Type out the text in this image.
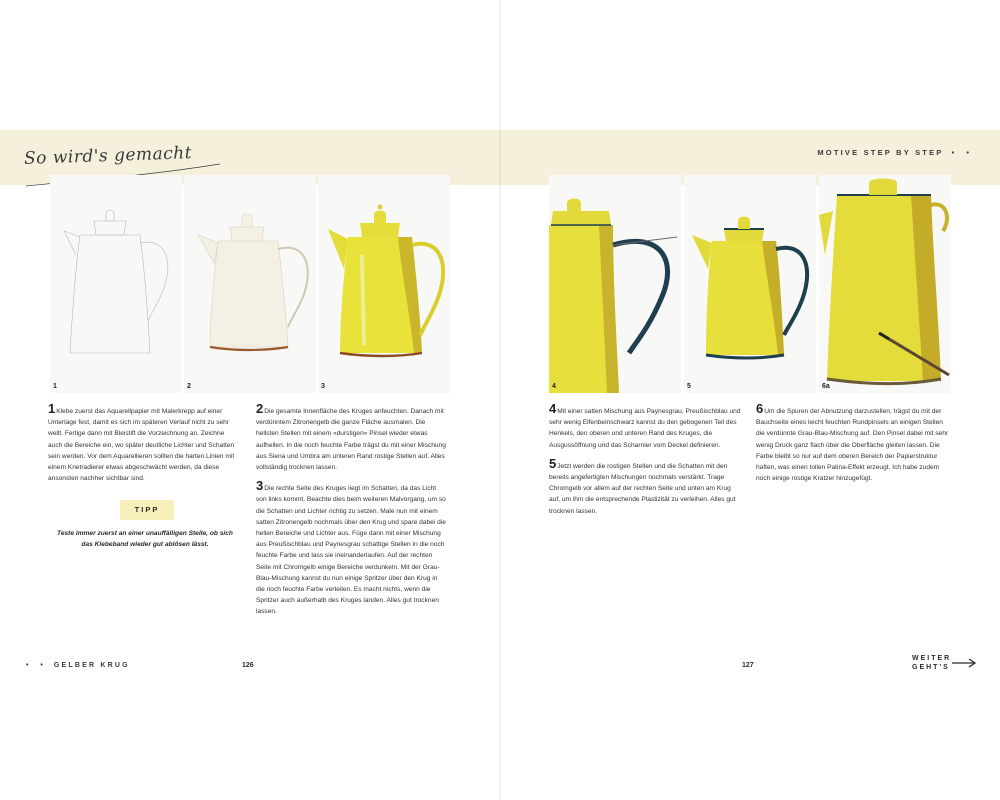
So wird's gemacht	MOTIVE STEP BY STEP • •
1	2	3	4	5	6a

1Klebe zuerst das Aquarellpapier mit Malerkrepp auf einer Unterlage fest, damit es sich im späteren Verlauf nicht zu sehr wellt. Fertige dann mit Bleistift die Vorzeichnung an. Zeichne auch die Bereiche ein, wo später deutliche Lichter und Schatten sein werden. Vor dem Aquarellieren sollten die harten Linien mit einem Knetradierer etwas abgeschwächt werden, da diese ansonsten nachher sichtbar sind.

TIPP
Teste immer zuerst an einer unauffälligen Stelle, ob sich das Klebeband wieder gut ablösen lässt.

2Die gesamte Innenfläche des Kruges anfeuchten. Danach mit verdünntem Zitronengelb die ganze Fläche ausmalen. Die hellsten Stellen mit einem »durstigen« Pinsel wieder etwas aufhellen. In die noch feuchte Farbe trägst du mit einer Mischung aus Siena und Umbra am unteren Rand rostige Stellen auf. Alles vollständig trocknen lassen.

3Die rechte Seite des Kruges liegt im Schatten, da das Licht von links kommt. Beachte dies beim weiteren Malvorgang, um so die Schatten und Lichter richtig zu setzen. Male nun mit einem satten Zitronengelb nochmals über den Krug und spare dabei die hellen Bereiche und Lichter aus. Füge dann mit einer Mischung aus Preußischblau und Paynesgrau schattige Stellen in die noch feuchte Farbe und lass sie ineinanderlaufen. Auf der rechten Seite mit Chromgelb einige Bereiche verdunkeln. Mit der Grau-Blau-Mischung kannst du nun einige Spritzer über den Krug in die noch feuchte Farbe verteilen. Es macht nichts, wenn die Spritzer auch außerhalb des Kruges landen. Alles gut trocknen lassen.

4Mit einer satten Mischung aus Paynesgrau, Preußischblau und sehr wenig Elfenbeinschwarz kannst du den gebogenen Teil des Henkels, den oberen und unteren Rand des Kruges, die Ausgussöffnung und das Scharnier vom Deckel definieren.

5Jetzt werden die rostigen Stellen und die Schatten mit den bereits angefertigten Mischungen nochmals verstärkt. Trage Chromgelb vor allem auf der rechten Seite und unten am Krug auf, um ihm die entsprechende Plastizität zu verleihen. Alles gut trocknen lassen.

6Um die Spuren der Abnutzung darzustellen, trägst du mit der Bauchseite eines leicht feuchten Rundpinsels an einigen Stellen die verdünnte Grau-Blau-Mischung auf. Den Pinsel dabei mit sehr wenig Druck ganz flach über die Oberfläche gleiten lassen. Die Farbe bleibt so nur auf dem oberen Bereich der Papierstruktur haften, was einen tollen Patina-Effekt erzeugt. Ich habe zudem noch einige rostige Kratzer hinzugefügt.

• • GELBER KRUG	126	127
WEITER
GEHT'S
